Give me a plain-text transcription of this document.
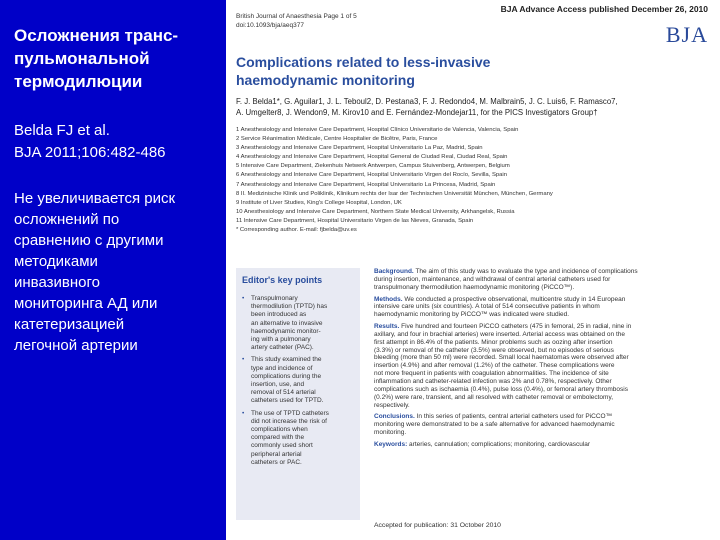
Осложнения транс-
пульмональной
термодилюции
Belda FJ et al.
BJA 2011;106:482-486
Не увеличивается риск
осложнений по
сравнению с другими
методиками
инвазивного
мониторинга АД или
катетеризацией
легочной артерии
BJA Advance Access published December 26, 2010
British Journal of Anaesthesia Page 1 of 5
doi:10.1093/bja/aeq377	BJA
Complications related to less-invasive
haemodynamic monitoring
F. J. Belda1*, G. Aguilar1, J. L. Teboul2, D. Pestana3, F. J. Redondo4, M. Malbrain5, J. C. Luis6, F. Ramasco7,
A. Umgelter8, J. Wendon9, M. Kirov10 and E. Fernández-Mondejar11, for the PICS Investigators Group†
1 Anesthesiology and Intensive Care Department, Hospital Clínico Universitario de Valencia, Valencia, Spain
2 Service Réanimation Médicale, Centre Hospitalier de Bicêtre, Paris, France
3 Anesthesiology and Intensive Care Department, Hospital Universitario La Paz, Madrid, Spain
4 Anesthesiology and Intensive Care Department, Hospital General de Ciudad Real, Ciudad Real, Spain
5 Intensive Care Department, Ziekenhuis Netwerk Antwerpen, Campus Stuivenberg, Antwerpen, Belgium
6 Anesthesiology and Intensive Care Department, Hospital Universitario Virgen del Rocío, Sevilla, Spain
7 Anesthesiology and Intensive Care Department, Hospital Universitario La Princesa, Madrid, Spain
8 II. Medizinische Klinik und Poliklinik, Klinikum rechts der Isar der Technischen Universität München, München, Germany
9 Institute of Liver Studies, King's College Hospital, London, UK
10 Anesthesiology and Intensive Care Department, Northern State Medical University, Arkhangelsk, Russia
11 Intensive Care Department, Hospital Universitario Virgen de las Nieves, Granada, Spain
* Corresponding author. E-mail: fjbelda@uv.es
Editor's key points
• Transpulmonary
thermodilution (TPTD) has
been introduced as
an alternative to invasive
haemodynamic monitor-
ing with a pulmonary
artery catheter (PAC).
• This study examined the
type and incidence of
complications during the
insertion, use, and
removal of 514 arterial
catheters used for TPTD.
• The use of TPTD catheters
did not increase the risk of
complications when
compared with the
commonly used short
peripheral arterial
catheters or PAC.

Background. The aim of this study was to evaluate the type and incidence of complications
during insertion, maintenance, and withdrawal of central arterial catheters used for
transpulmonary thermodilution haemodynamic monitoring (PiCCO™).

Methods. We conducted a prospective observational, multicentre study in 14 European
intensive care units (six countries). A total of 514 consecutive patients in whom
haemodynamic monitoring by PiCCO™ was indicated were studied.

Results. Five hundred and fourteen PiCCO catheters (475 in femoral, 25 in radial, nine in
axillary, and four in brachial arteries) were inserted. Arterial access was obtained on the
first attempt in 86.4% of the patients. Minor problems such as oozing after insertion
(3.3%) or removal of the catheter (3.5%) were observed, but no episodes of serious
bleeding (more than 50 ml) were recorded. Small local haematomas were observed after
insertion (4.9%) and after removal (1.2%) of the catheter. These complications were
not more frequent in patients with coagulation abnormalities. The incidence of site
inflammation and catheter-related infection was 2% and 0.78%, respectively. Other
complications such as ischaemia (0.4%), pulse loss (0.4%), or femoral artery thrombosis
(0.2%) were rare, transient, and all resolved with catheter removal or embolectomy,
respectively.

Conclusions. In this series of patients, central arterial catheters used for PiCCO™
monitoring were demonstrated to be a safe alternative for advanced haemodynamic
monitoring.

Keywords: arteries, cannulation; complications; monitoring, cardiovascular

Accepted for publication: 31 October 2010
